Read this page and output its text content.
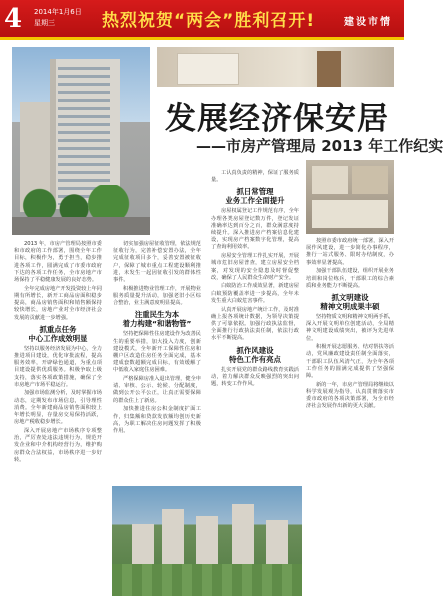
4 2014年1月6日
星期三	热烈祝贺“两会”胜利召开!	建设市情
发展经济保安居
——市房产管理局 2013 年工作纪实

2013 年，市房产管理局按照市委和市政府的工作部署，围绕全年工作目标，积极作为，勇于担当，稳步推进各项工作，圆满完成了市委市政府下达的各项工作任务，全市房地产市场保持了平稳健康发展的良好态势。

全年完成房地产开发投资较上年同期有所增长，新开工商品房面积稳步提高，商品房销售面积和销售额保持较快增长，房地产业对全市经济社会发展的贡献进一步增强。

抓重点任务
中心工作成效明显

坚持以服务经济发展为中心，全力推进项目建设，优化审批流程，提高服务效率，开辟绿色通道，为重点项目建设提供优质服务。积极争取上级支持，落实各项政策措施，确保了全市房地产市场平稳运行。

加强市场监测分析，及时掌握市场动态，定期发布市场信息，引导理性消费。全年新建商品房销售面积较上年增长明显，存量房交易保持活跃，房地产税收稳步增长。

深入开展房地产市场秩序专项整治，严厉查处违法违规行为，规范开发企业和中介机构经营行为，维护购房群众合法权益，市场秩序进一步好转。

切实加强房屋征收管理，依法规范征收行为，完善补偿安置办法，全年完成征收项目多个，妥善安置被征收户，保障了城市重点工程建设顺利推进，未发生一起因征收引发的群体性事件。

积极推进物业管理工作，开展物业服务质量提升活动，加强老旧小区综合整治，业主满意度明显提高。

注重民生为本
着力构建“和谐物管”

坚持把保障性住房建设作为改善民生的重要举措，加大投入力度，创新建设模式，全年新开工保障性住房和棚户区改造住房任务全面完成，基本建成套数超额完成目标，有效缓解了中低收入家庭住房困难。

严格保障房准入退出管理，健全申请、审核、公示、轮候、分配制度，做到公开公平公正，让真正需要保障的群众住上了新房。

加快推进住房公积金制度扩面工作，归集额和贷款发放额均创历史新高，为职工解决住房问题发挥了积极作用。

工认真负责的精神，保证了服务质量。

抓日常管理
业务工作全面提升

房屋权属登记工作规范有序，全年办理各类房屋登记数万件，登记发证准确率达到百分之百，群众满意度持续提升。深入推进房产档案信息化建设，实现房产档案数字化管理，提高了查询利用效率。

房屋安全管理工作扎实开展，开展城市危旧房屋普查，建立房屋安全档案，对发现的安全隐患及时督促整改，确保了人民群众生命财产安全。

白蚁防治工作成效显著，新建房屋白蚁预防覆盖率进一步提高，全年未发生重大白蚁危害事件。

认真开展房地产统计工作，及时准确上报各项统计数据，为领导决策提供了可靠依据。加强行政执法监督，全面推行行政执法责任制，依法行政水平不断提高。

抓作风建设
特色工作有亮点

扎实开展党的群众路线教育实践活动，着力解决群众反映强烈的突出问题，转变工作作风。

按照市委市政府统一部署，深入开展作风建设，进一步简化办事程序，推行一站式服务、限时办结制度，办事效率显著提高。

加强干部队伍建设，组织开展业务培训和岗位练兵，干部职工的综合素质和业务能力不断提高。

抓文明建设
精神文明成果丰硕

坚持物质文明和精神文明两手抓，深入开展文明单位创建活动，全局精神文明建设成绩突出，被评为先进单位。

积极开展志愿服务、结对帮扶等活动，党风廉政建设责任制全面落实，干部职工队伍风清气正，为全年各项工作任务的圆满完成提供了坚强保障。

新的一年，市房产管理局将继续以科学发展观为指导，认真贯彻落实市委市政府的各项决策部署，为全市经济社会发展作出新的更大贡献。
